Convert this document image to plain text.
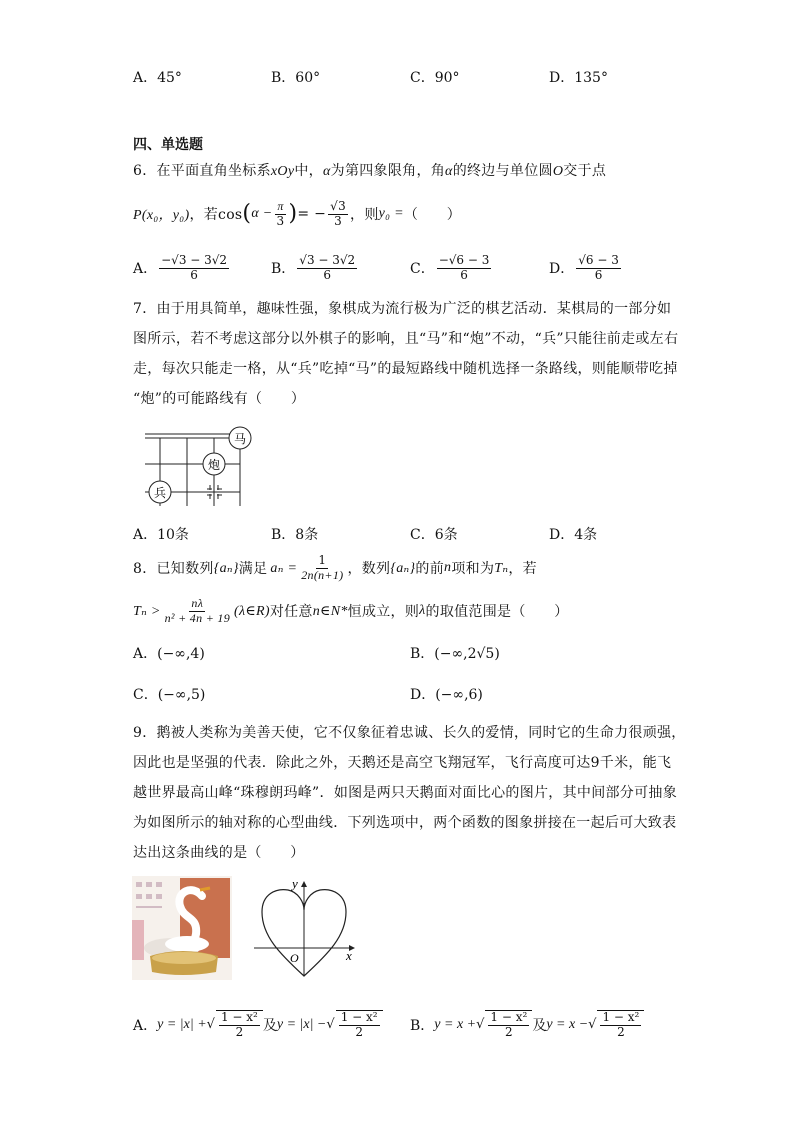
A．45°	B．60°	C．90°	D．135°
四、单选题
6．在平面直角坐标系xOy中，α为第四象限角，角α的终边与单位圆O交于点
P(x₀，y₀) ，若cos ( $\alpha - \frac{\pi}{3}$ ) = − $\frac{√3}{3}$ ，则 y₀ = （　　）
A． $\frac{-√3 - 3√2}{6}$	B． $\frac{√3 - 3√2}{6}$	C． $\frac{-√6 - 3}{6}$	D． $\frac{√6 - 3}{6}$
7．由于用具简单，趣味性强，象棋成为流行极为广泛的棋艺活动．某棋局的一部分如
图所示，若不考虑这部分以外棋子的影响，且“马”和“炮”不动，“兵”只能往前走或左右
走，每次只能走一格，从“兵”吃掉“马”的最短路线中随机选择一条路线，则能顺带吃掉
“炮”的可能路线有（　　）
马
炮
兵
A．10条	B．8条	C．6条	D．4条
8．已知数列 {aₙ} 满足 $a_n = \frac{1}{2n(n+1)}$ ，数列 {aₙ} 的前 n 项和为 Tₙ ，若
$T_n > \frac{n\lambda}{\text{n² + 4n + 19}}$ (λ∈R) 对任意 n∈N* 恒成立，则 λ 的取值范围是（　　）
A．(−∞,4)	B．(−∞,2√5)
C．(−∞,5)	D．(−∞,6)
9．鹅被人类称为美善天使，它不仅象征着忠诚、长久的爱情，同时它的生命力很顽强，
因此也是坚强的代表．除此之外，天鹅还是高空飞翔冠军，飞行高度可达9千米，能飞
越世界最高山峰“珠穆朗玛峰”．如图是两只天鹅面对面比心的图片，其中间部分可抽象
为如图所示的轴对称的心型曲线．下列选项中，两个函数的图象拼接在一起后可大致表
达出这条曲线的是（　　）
y
x
O
A． y = |x| + √ $\frac{\text{1 − x²}}{2}$ 及 y = |x| − √ $\frac{\text{1 − x²}}{2}$ B． y = x + √ $\frac{\text{1 − x²}}{2}$ 及 y = x − √ $\frac{\text{1 − x²}}{2}$
